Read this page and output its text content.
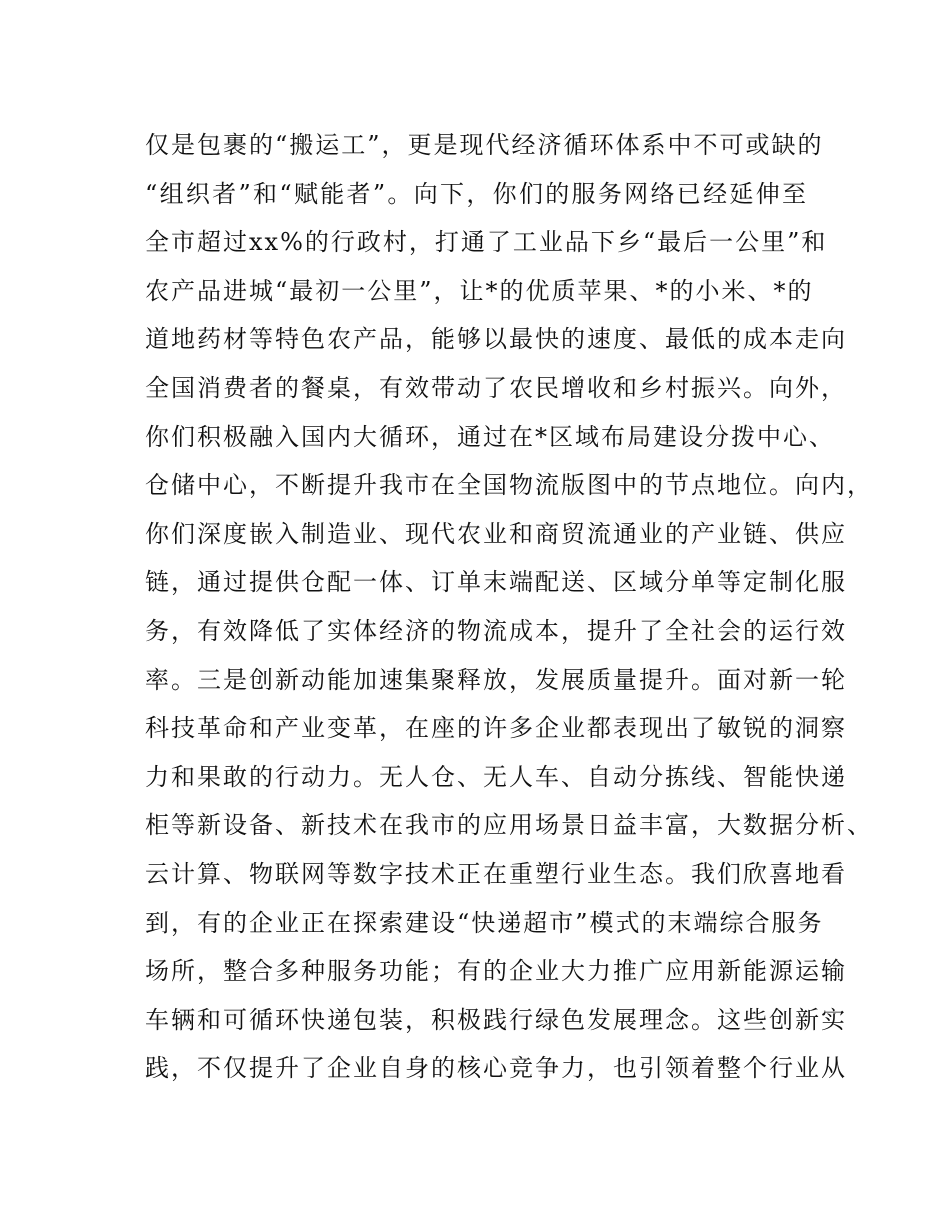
仅是包裹的“搬运工”，更是现代经济循环体系中不可或缺的
“组织者”和“赋能者”。向下，你们的服务网络已经延伸至
全市超过xx%的行政村，打通了工业品下乡“最后一公里”和
农产品进城“最初一公里”，让*的优质苹果、*的小米、*的
道地药材等特色农产品，能够以最快的速度、最低的成本走向
全国消费者的餐桌，有效带动了农民增收和乡村振兴。向外，
你们积极融入国内大循环，通过在*区域布局建设分拨中心、
仓储中心，不断提升我市在全国物流版图中的节点地位。向内，
你们深度嵌入制造业、现代农业和商贸流通业的产业链、供应
链，通过提供仓配一体、订单末端配送、区域分单等定制化服
务，有效降低了实体经济的物流成本，提升了全社会的运行效
率。三是创新动能加速集聚释放，发展质量提升。面对新一轮
科技革命和产业变革，在座的许多企业都表现出了敏锐的洞察
力和果敢的行动力。无人仓、无人车、自动分拣线、智能快递
柜等新设备、新技术在我市的应用场景日益丰富，大数据分析、
云计算、物联网等数字技术正在重塑行业生态。我们欣喜地看
到，有的企业正在探索建设“快递超市”模式的末端综合服务
场所，整合多种服务功能；有的企业大力推广应用新能源运输
车辆和可循环快递包装，积极践行绿色发展理念。这些创新实
践，不仅提升了企业自身的核心竞争力，也引领着整个行业从
